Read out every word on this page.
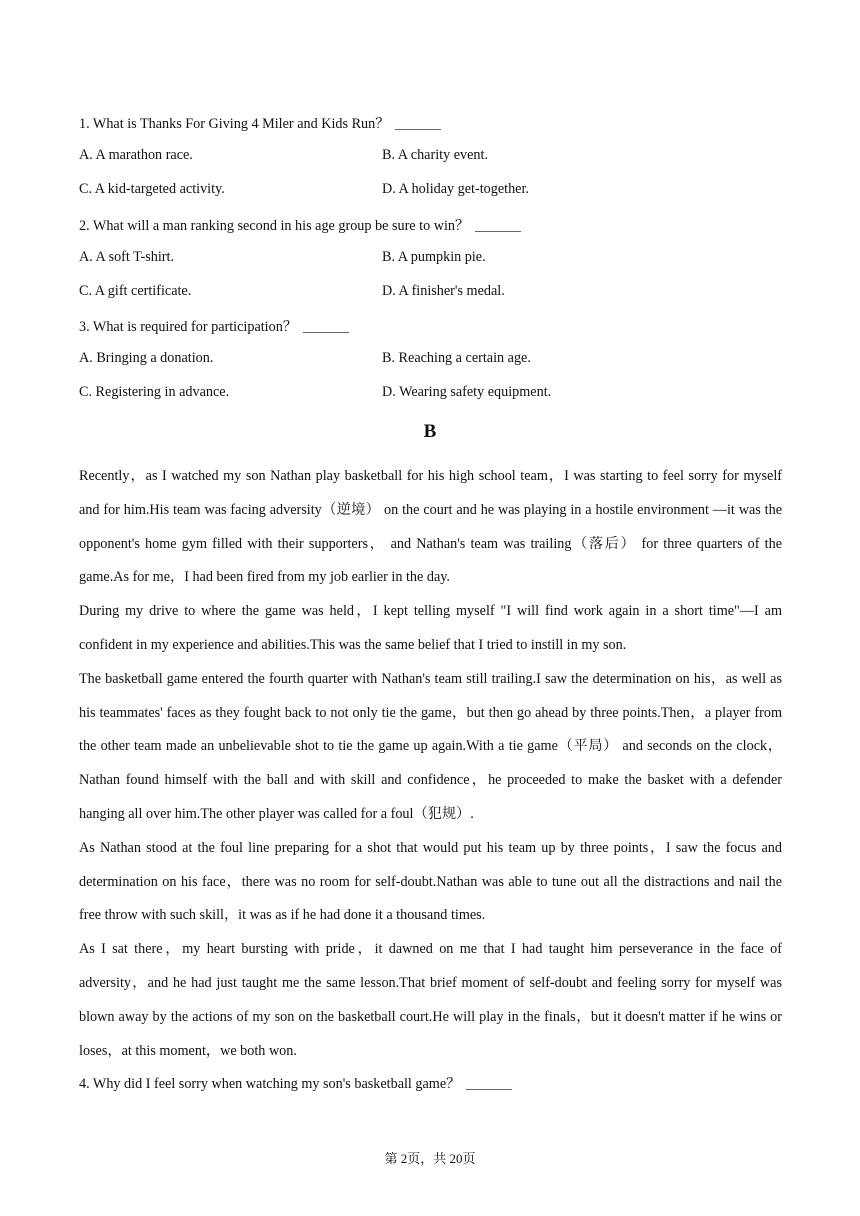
1. What is Thanks For Giving 4 Miler and Kids Run？
A. A marathon race.	B. A charity event.
C. A kid-targeted activity.	D. A holiday get-together.
2. What will a man ranking second in his age group be sure to win？
A. A soft T-shirt.	B. A pumpkin pie.
C. A gift certificate.	D. A finisher's medal.
3. What is required for participation？
A. Bringing a donation.	B. Reaching a certain age.
C. Registering in advance.	D. Wearing safety equipment.
B

Recently，as I watched my son Nathan play basketball for his high school team，I was starting to feel sorry for myself and for him.His team was facing adversity（逆境） on the court and he was playing in a hostile environment —it was the opponent's home gym filled with their supporters， and Nathan's team was trailing（落后） for three quarters of the game.As for me，I had been fired from my job earlier in the day.

During my drive to where the game was held，I kept telling myself "I will find work again in a short time"—I am confident in my experience and abilities.This was the same belief that I tried to instill in my son.

The basketball game entered the fourth quarter with Nathan's team still trailing.I saw the determination on his，as well as his teammates' faces as they fought back to not only tie the game，but then go ahead by three points.Then，a player from the other team made an unbelievable shot to tie the game up again.With a tie game（平局） and seconds on the clock，Nathan found himself with the ball and with skill and confidence，he proceeded to make the basket with a defender hanging all over him.The other player was called for a foul（犯规）.

As Nathan stood at the foul line preparing for a shot that would put his team up by three points，I saw the focus and determination on his face，there was no room for self-doubt.Nathan was able to tune out all the distractions and nail the free throw with such skill，it was as if he had done it a thousand times.

As I sat there，my heart bursting with pride，it dawned on me that I had taught him perseverance in the face of adversity，and he had just taught me the same lesson.That brief moment of self-doubt and feeling sorry for myself was blown away by the actions of my son on the basketball court.He will play in the finals，but it doesn't matter if he wins or loses，at this moment，we both won.

4. Why did I feel sorry when watching my son's basketball game？

第 2页，共 20页
